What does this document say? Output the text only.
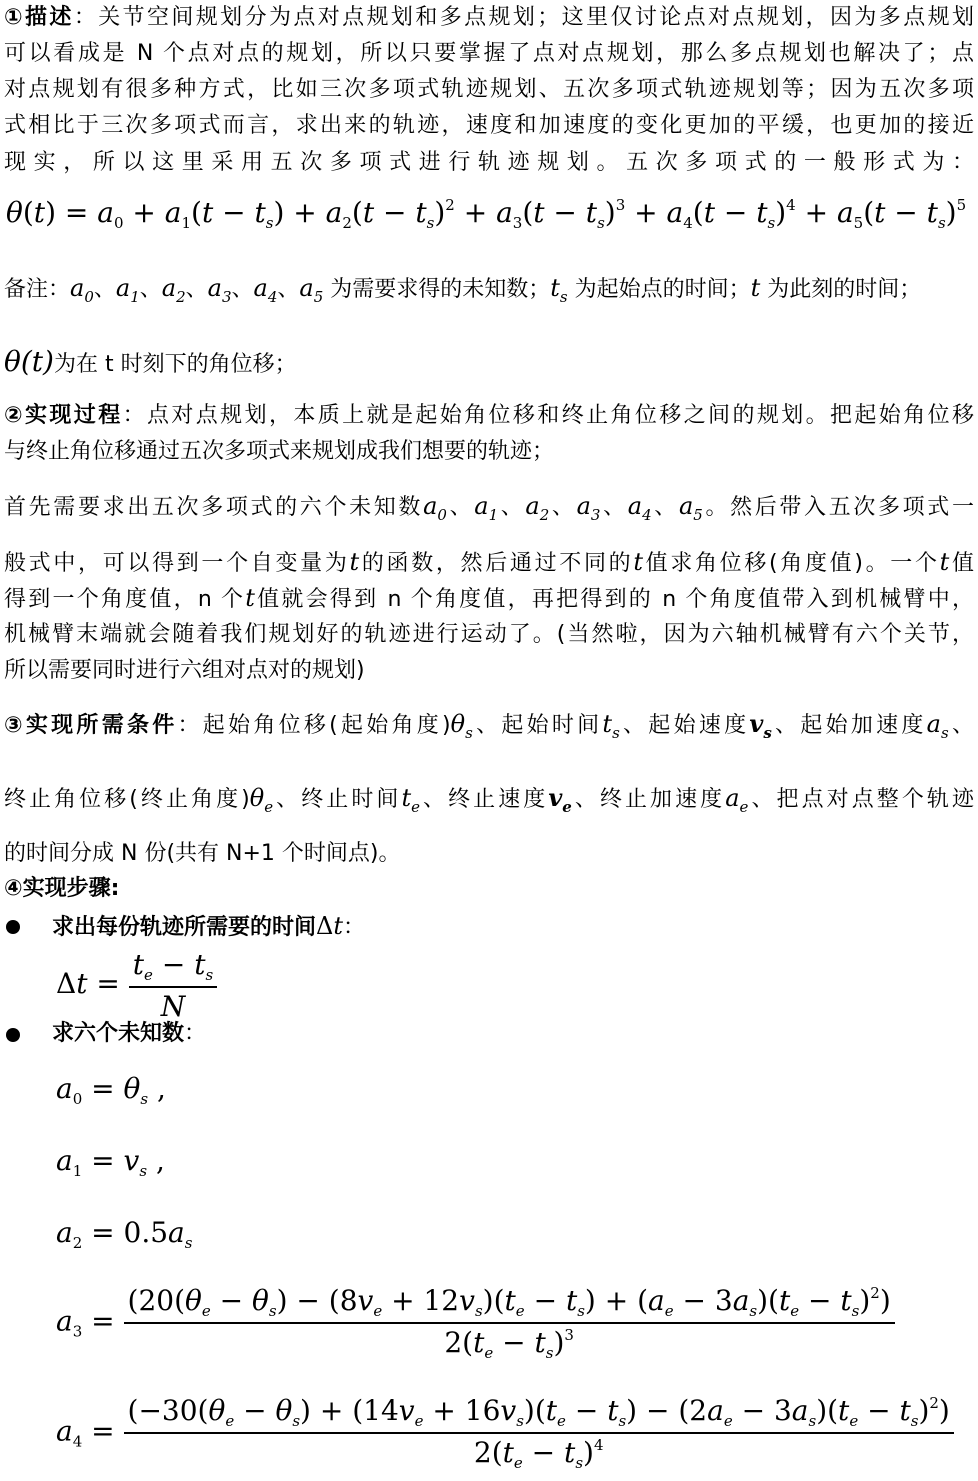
①描述：关节空间规划分为点对点规划和多点规划；这里仅讨论点对点规划，因为多点规划
可以看成是 N 个点对点的规划，所以只要掌握了点对点规划，那么多点规划也解决了；点
对点规划有很多种方式，比如三次多项式轨迹规划、五次多项式轨迹规划等；因为五次多项
式相比于三次多项式而言，求出来的轨迹，速度和加速度的变化更加的平缓，也更加的接近
现实，所以这里采用五次多项式进行轨迹规划。五次多项式的一般形式为：
$\theta(t) = a_0 + a_1(t - t_s) + a_2(t - t_s)^2 + a_3(t - t_s)^3 + a_4(t - t_s)^4 + a_5(t - t_s)^5$
备注：$a_0$、$a_1$、$a_2$、$a_3$、$a_4$、$a_5$ 为需要求得的未知数；$t_s$ 为起始点的时间；t 为此刻的时间；
θ(t)为在 t 时刻下的角位移；
②实现过程：点对点规划，本质上就是起始角位移和终止角位移之间的规划。把起始角位移
与终止角位移通过五次多项式来规划成我们想要的轨迹；
首先需要求出五次多项式的六个未知数$a_0$、$a_1$、$a_2$、$a_3$、$a_4$、$a_5$。然后带入五次多项式一
般式中，可以得到一个自变量为t的函数，然后通过不同的t值求角位移(角度值)。一个t值
得到一个角度值，n 个t值就会得到 n 个角度值，再把得到的 n 个角度值带入到机械臂中，
机械臂末端就会随着我们规划好的轨迹进行运动了。(当然啦，因为六轴机械臂有六个关节，
所以需要同时进行六组对点对的规划)
③实现所需条件：起始角位移(起始角度)$\theta_s$、起始时间$t_s$、起始速度$v_s$、起始加速度$a_s$、
终止角位移(终止角度)$\theta_e$、终止时间$t_e$、终止速度$v_e$、终止加速度$a_e$、把点对点整个轨迹
的时间分成 N 份(共有 N+1 个时间点)。
④实现步骤:
求出每份轨迹所需要的时间Δt：
$\Delta t = \frac{t_e - t_s}{N}$
求六个未知数：
$a_0 = \theta_s$ ,
$a_1 = v_s$ ,
$a_2 = 0.5a_s$
$a_3 = \frac{(20(\theta_e - \theta_s) - (8v_e + 12v_s)(t_e - t_s) + (a_e - 3a_s)(t_e - t_s)^2)}{2(t_e - t_s)^3}$
$a_4$ =
$(-30(\theta_e - \theta_s) + (14v_e + 16v_s)(t_e - t_s) - (2a_e - 3a_s)(t_e - t_s)^2)$
$2(t_e - t_s)^4$
